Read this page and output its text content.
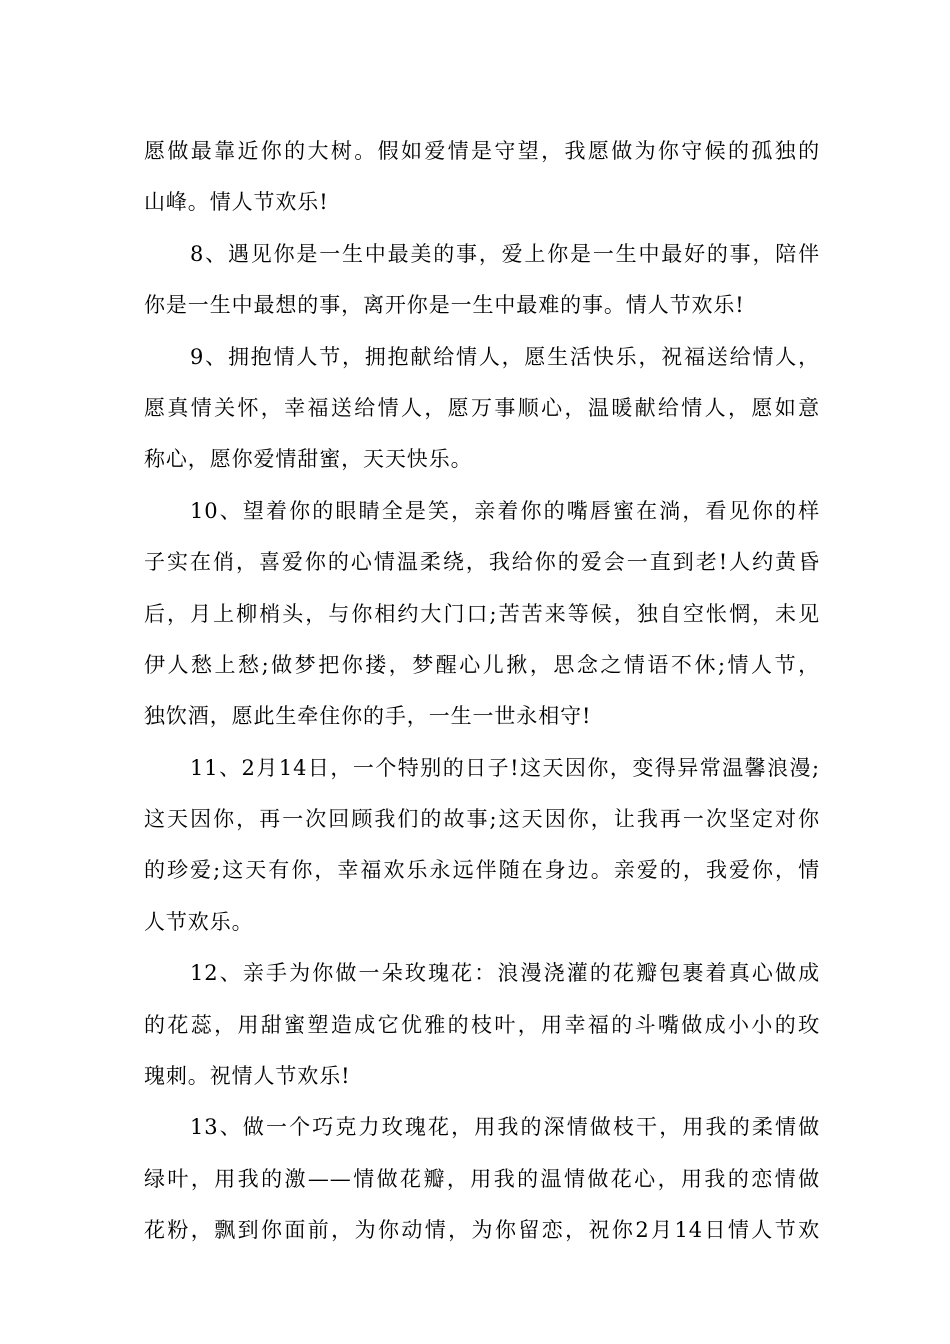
愿做最靠近你的大树。假如爱情是守望，我愿做为你守候的孤独的
山峰。情人节欢乐!
8、遇见你是一生中最美的事，爱上你是一生中最好的事，陪伴
你是一生中最想的事，离开你是一生中最难的事。情人节欢乐!
9、拥抱情人节，拥抱献给情人，愿生活快乐，祝福送给情人，
愿真情关怀，幸福送给情人，愿万事顺心，温暖献给情人，愿如意
称心，愿你爱情甜蜜，天天快乐。
10、望着你的眼睛全是笑，亲着你的嘴唇蜜在淌，看见你的样
子实在俏，喜爱你的心情温柔绕，我给你的爱会一直到老!人约黄昏
后，月上柳梢头，与你相约大门口;苦苦来等候，独自空怅惘，未见
伊人愁上愁;做梦把你搂，梦醒心儿揪，思念之情语不休;情人节，
独饮酒，愿此生牵住你的手，一生一世永相守!
11、2月14日，一个特别的日子!这天因你，变得异常温馨浪漫;
这天因你，再一次回顾我们的故事;这天因你，让我再一次坚定对你
的珍爱;这天有你，幸福欢乐永远伴随在身边。亲爱的，我爱你，情
人节欢乐。
12、亲手为你做一朵玫瑰花：浪漫浇灌的花瓣包裹着真心做成
的花蕊，用甜蜜塑造成它优雅的枝叶，用幸福的斗嘴做成小小的玫
瑰刺。祝情人节欢乐!
13、做一个巧克力玫瑰花，用我的深情做枝干，用我的柔情做
绿叶，用我的激——情做花瓣，用我的温情做花心，用我的恋情做
花粉，飘到你面前，为你动情，为你留恋，祝你2月14日情人节欢
